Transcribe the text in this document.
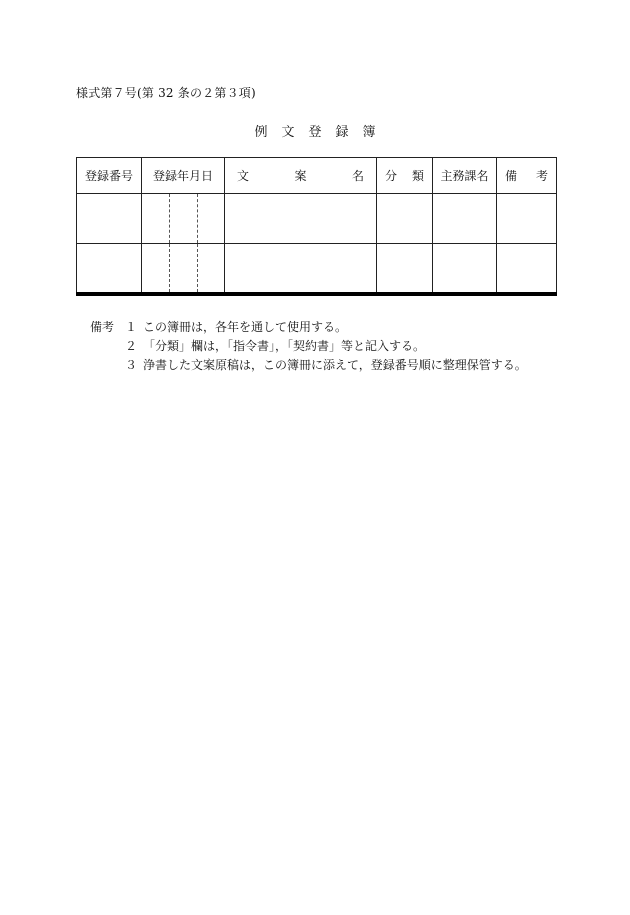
様式第７号(第 32 条の２第３項)
例文登録簿
登録番号	登録年月日	文 案 名	分 類	主務課名	備 考

備考 １ この簿冊は，各年を通して使用する。
２ 「分類」欄は，「指令書」，「契約書」等と記入する。
３ 浄書した文案原稿は，この簿冊に添えて，登録番号順に整理保管する。
